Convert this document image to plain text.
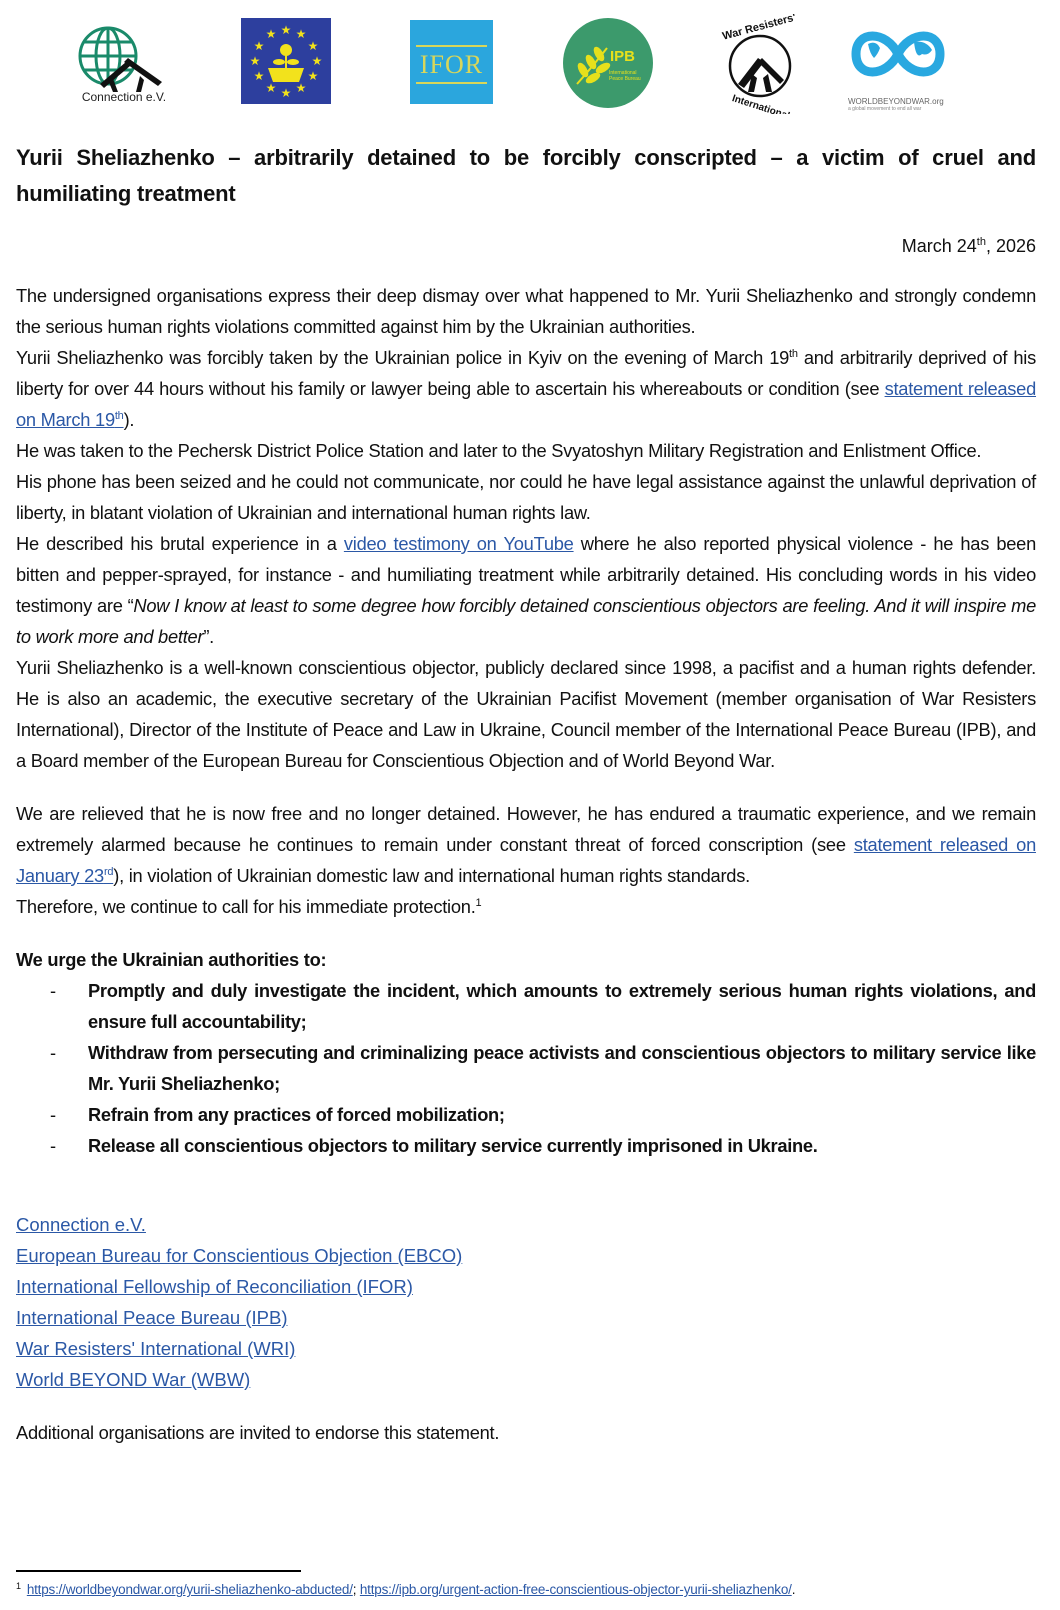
Connection e.V.
★
★ ★
★	★
★	★
★	★
★ ★
★
IFOR	IPB
International Peace Bureau
War Resisters'
International	WORLDBEYONDWAR.org
a global movement to end all war
Yurii Sheliazhenko – arbitrarily detained to be forcibly conscripted – a victim of cruel and humiliating treatment
March 24th, 2026

The undersigned organisations express their deep dismay over what happened to Mr. Yurii Sheliazhenko and strongly condemn the serious human rights violations committed against him by the Ukrainian authorities.

Yurii Sheliazhenko was forcibly taken by the Ukrainian police in Kyiv on the evening of March 19th and arbitrarily deprived of his liberty for over 44 hours without his family or lawyer being able to ascertain his whereabouts or condition (see statement released on March 19th).

He was taken to the Pechersk District Police Station and later to the Svyatoshyn Military Registration and Enlistment Office.

His phone has been seized and he could not communicate, nor could he have legal assistance against the unlawful deprivation of liberty, in blatant violation of Ukrainian and international human rights law.

He described his brutal experience in a video testimony on YouTube where he also reported physical violence - he has been bitten and pepper-sprayed, for instance - and humiliating treatment while arbitrarily detained. His concluding words in his video testimony are “Now I know at least to some degree how forcibly detained conscientious objectors are feeling. And it will inspire me to work more and better”.

Yurii Sheliazhenko is a well-known conscientious objector, publicly declared since 1998, a pacifist and a human rights defender. He is also an academic, the executive secretary of the Ukrainian Pacifist Movement (member organisation of War Resisters International), Director of the Institute of Peace and Law in Ukraine, Council member of the International Peace Bureau (IPB), and a Board member of the European Bureau for Conscientious Objection and of World Beyond War.

We are relieved that he is now free and no longer detained. However, he has endured a traumatic experience, and we remain extremely alarmed because he continues to remain under constant threat of forced conscription (see statement released on January 23rd), in violation of Ukrainian domestic law and international human rights standards.

Therefore, we continue to call for his immediate protection.$^1$

We urge the Ukrainian authorities to:

- Promptly and duly investigate the incident, which amounts to extremely serious human rights violations, and ensure full accountability;
- Withdraw from persecuting and criminalizing peace activists and conscientious objectors to military service like Mr. Yurii Sheliazhenko;
- Refrain from any practices of forced mobilization;
- Release all conscientious objectors to military service currently imprisoned in Ukraine.
Connection e.V.
European Bureau for Conscientious Objection (EBCO)
International Fellowship of Reconciliation (IFOR)
International Peace Bureau (IPB)
War Resisters' International (WRI)
World BEYOND War (WBW)

Additional organisations are invited to endorse this statement.

$^1$ https://worldbeyondwar.org/yurii-sheliazhenko-abducted/; https://ipb.org/urgent-action-free-conscientious-objector-yurii-sheliazhenko/.
